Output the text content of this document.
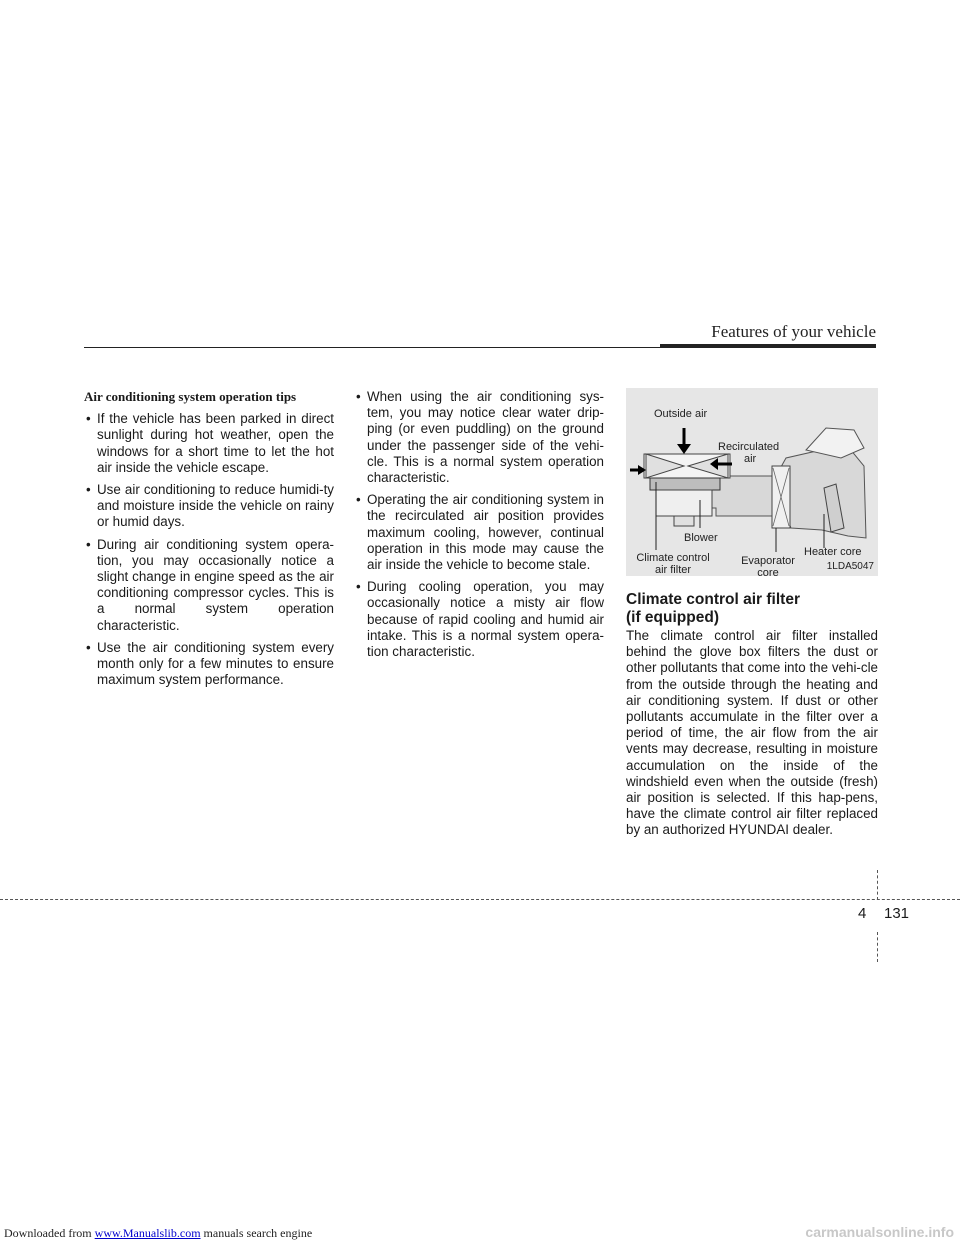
Features of your vehicle

Air conditioning system operation tips

• If the vehicle has been parked in direct sunlight during hot weather, open the windows for a short time to let the hot air inside the vehicle escape.
• Use air conditioning to reduce humidi-ty and moisture inside the vehicle on rainy or humid days.
• During air conditioning system opera-tion, you may occasionally notice a slight change in engine speed as the air conditioning compressor cycles. This is a normal system operation characteristic.
• Use the air conditioning system every month only for a few minutes to ensure maximum system performance.
• When using the air conditioning sys-tem, you may notice clear water drip-ping (or even puddling) on the ground under the passenger side of the vehi-cle. This is a normal system operation characteristic.
• Operating the air conditioning system in the recirculated air position provides maximum cooling, however, continual operation in this mode may cause the air inside the vehicle to become stale.
• During cooling operation, you may occasionally notice a misty air flow because of rapid cooling and humid air intake. This is a normal system opera-tion characteristic.
Outside air
Recirculated
air
Blower
Climate control
air filter
Evaporator
core
Heater core
1LDA5047
Climate control air filter
(if equipped)
The climate control air filter installed behind the glove box filters the dust or other pollutants that come into the vehi-cle from the outside through the heating and air conditioning system. If dust or other pollutants accumulate in the filter over a period of time, the air flow from the air vents may decrease, resulting in moisture accumulation on the inside of the windshield even when the outside (fresh) air position is selected. If this hap-pens, have the climate control air filter replaced by an authorized HYUNDAI dealer.
4 131
Downloaded from www.Manualslib.com manuals search engine	carmanualsonline.info
